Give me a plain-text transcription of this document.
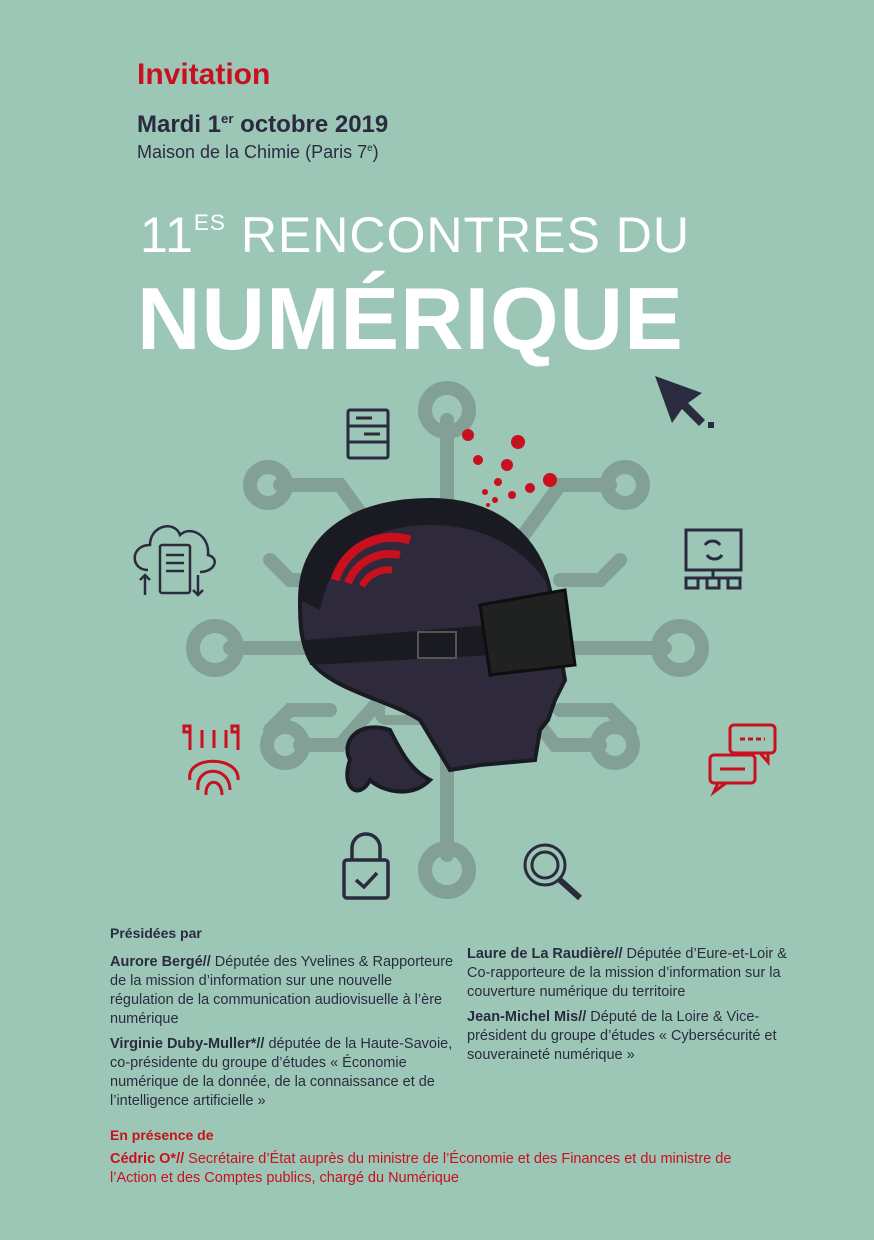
Invitation
Mardi 1er octobre 2019
Maison de la Chimie (Paris 7e)
$11^{ES}$ RENCONTRES DU
NUMÉRIQUE
Présidées par
Aurore Bergé// Députée des Yvelines & Rapporteure de la mission d’information sur une nouvelle régulation de la communication audiovisuelle à l’ère numérique
Virginie Duby-Muller*// députée de la Haute-Savoie, co-présidente du groupe d’études « Économie numérique de la donnée, de la connaissance et de l’intelligence artificielle »
Laure de La Raudière// Députée d’Eure-et-Loir & Co-rapporteure de la mission d’information sur la couverture numérique du territoire
Jean-Michel Mis// Député de la Loire & Vice-président du groupe d’études « Cybersécurité et souveraineté numérique »
En présence de
Cédric O*// Secrétaire d’État auprès du ministre de l’Économie et des Finances et du ministre de l’Action et des Comptes publics, chargé du Numérique
